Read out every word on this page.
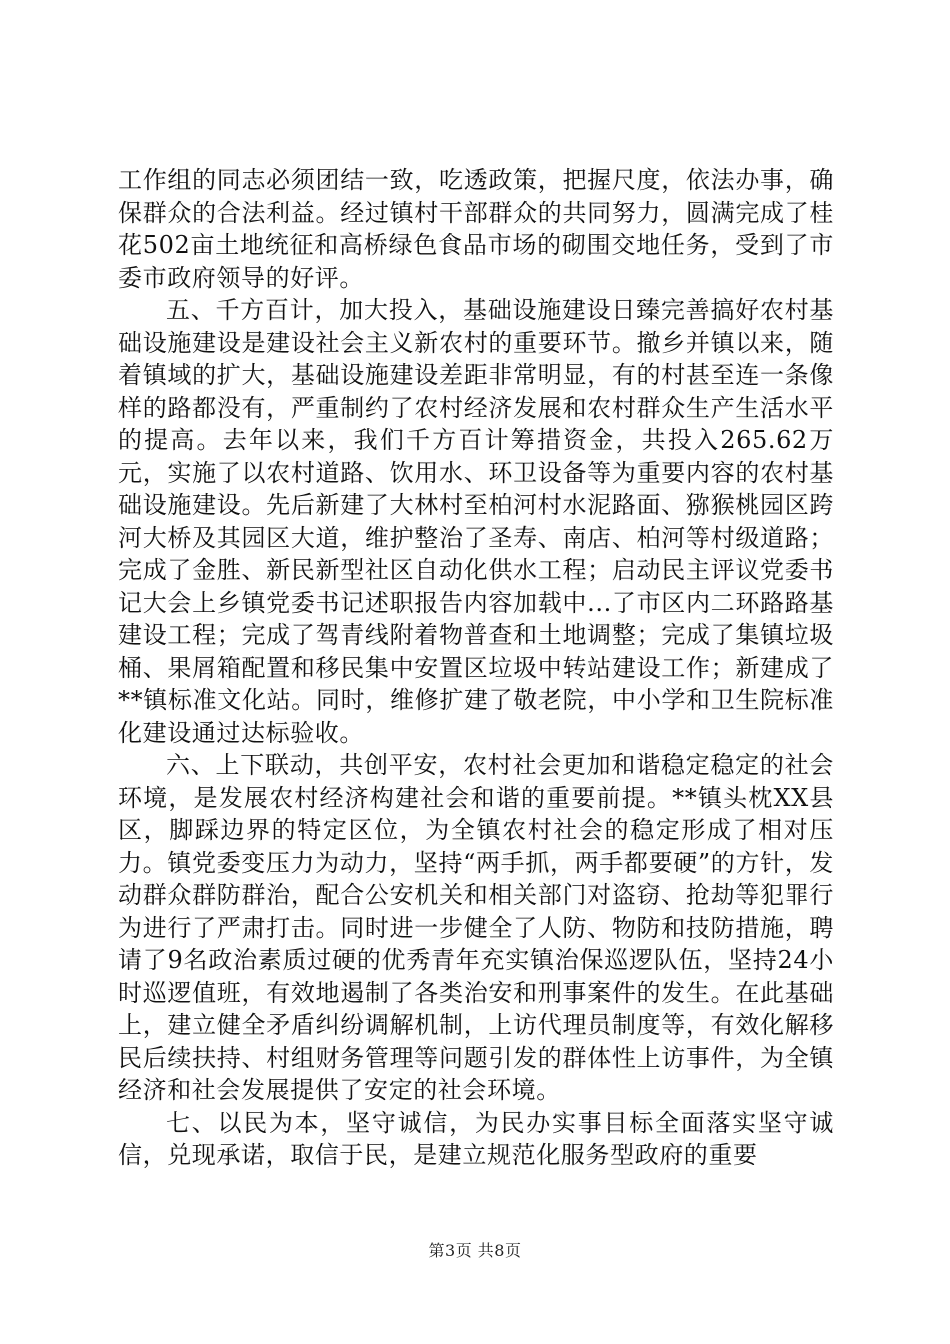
工作组的同志必须团结一致，吃透政策，把握尺度，依法办事，确保群众的合法利益。经过镇村干部群众的共同努力，圆满完成了桂花502亩土地统征和高桥绿色食品市场的砌围交地任务，受到了市委市政府领导的好评。

五、千方百计，加大投入，基础设施建设日臻完善搞好农村基础设施建设是建设社会主义新农村的重要环节。撤乡并镇以来，随着镇域的扩大，基础设施建设差距非常明显，有的村甚至连一条像样的路都没有，严重制约了农村经济发展和农村群众生产生活水平的提高。去年以来，我们千方百计筹措资金，共投入265.62万元，实施了以农村道路、饮用水、环卫设备等为重要内容的农村基础设施建设。先后新建了大林村至柏河村水泥路面、猕猴桃园区跨河大桥及其园区大道，维护整治了圣寿、南店、柏河等村级道路；完成了金胜、新民新型社区自动化供水工程；启动民主评议党委书记大会上乡镇党委书记述职报告内容加载中...了市区内二环路路基建设工程；完成了驾青线附着物普查和土地调整；完成了集镇垃圾桶、果屑箱配置和移民集中安置区垃圾中转站建设工作；新建成了**镇标准文化站。同时，维修扩建了敬老院，中小学和卫生院标准化建设通过达标验收。

六、上下联动，共创平安，农村社会更加和谐稳定稳定的社会环境，是发展农村经济构建社会和谐的重要前提。**镇头枕XX县区，脚踩边界的特定区位，为全镇农村社会的稳定形成了相对压力。镇党委变压力为动力，坚持“两手抓，两手都要硬”的方针，发动群众群防群治，配合公安机关和相关部门对盗窃、抢劫等犯罪行为进行了严肃打击。同时进一步健全了人防、物防和技防措施，聘请了9名政治素质过硬的优秀青年充实镇治保巡逻队伍，坚持24小时巡逻值班，有效地遏制了各类治安和刑事案件的发生。在此基础上，建立健全矛盾纠纷调解机制，上访代理员制度等，有效化解移民后续扶持、村组财务管理等问题引发的群体性上访事件，为全镇经济和社会发展提供了安定的社会环境。

七、以民为本，坚守诚信，为民办实事目标全面落实坚守诚信，兑现承诺，取信于民，是建立规范化服务型政府的重要

第3页 共8页
